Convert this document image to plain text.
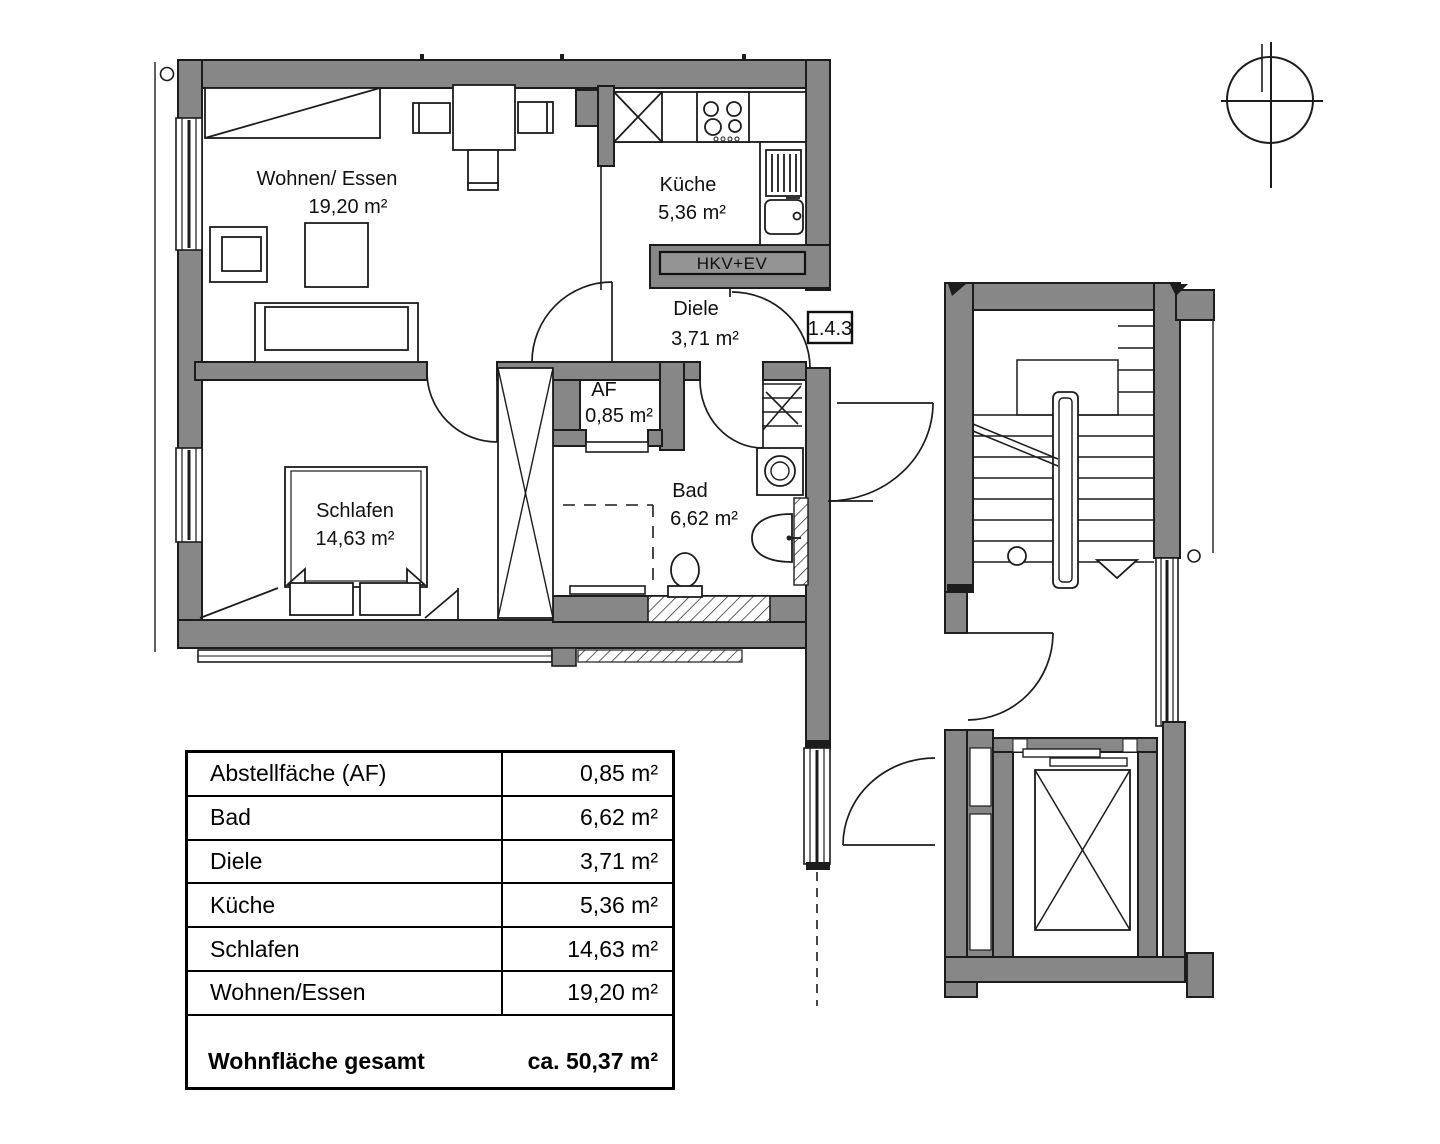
HKV+EV
1.4.3
Wohnen/ Essen
19,20 m²
Küche
5,36 m²
Diele
3,71 m²
AF
0,85 m²
Bad
6,62 m²
Schlafen
14,63 m²
Abstellfäche (AF)	0,85 m²
Bad	6,62 m²
Diele	3,71 m²
Küche	5,36 m²
Schlafen	14,63 m²
Wohnen/Essen	19,20 m²
Wohnfläche gesamt	ca. 50,37 m²
